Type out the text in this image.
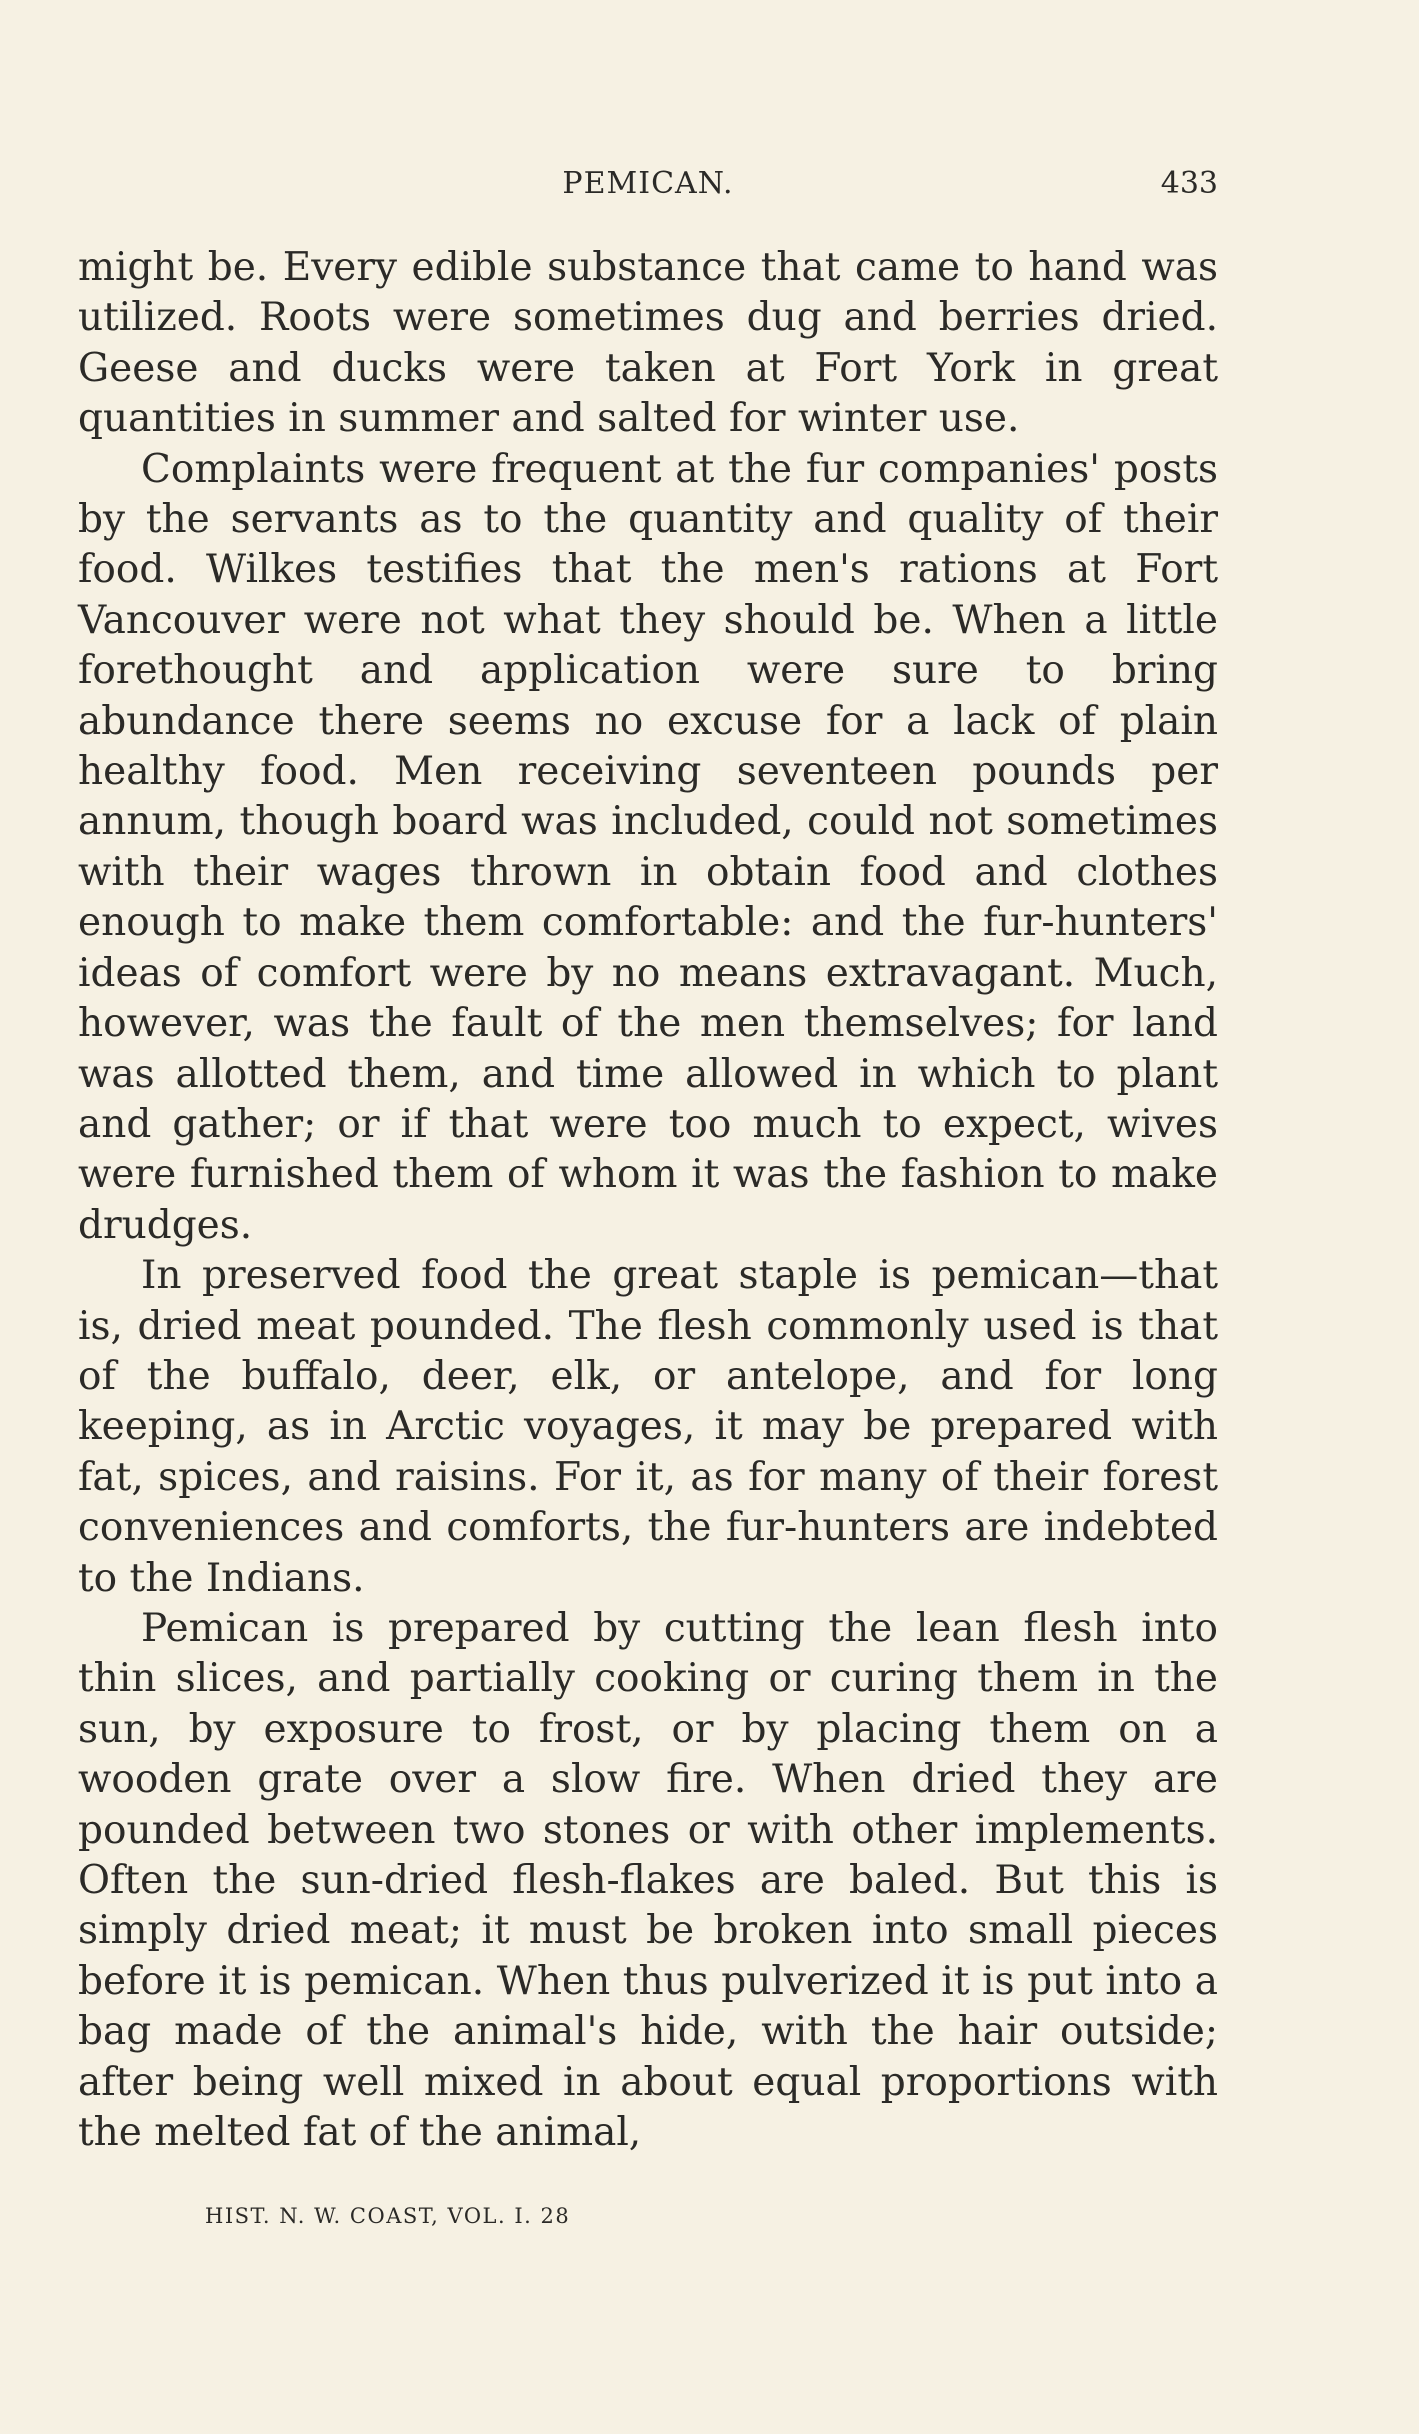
PEMICAN.	433

might be. Every edible substance that came to hand was utilized. Roots were sometimes dug and berries dried. Geese and ducks were taken at Fort York in great quantities in summer and salted for winter use.

Complaints were frequent at the fur companies' posts by the servants as to the quantity and quality of their food. Wilkes testifies that the men's rations at Fort Vancouver were not what they should be. When a little forethought and application were sure to bring abundance there seems no excuse for a lack of plain healthy food. Men receiving seventeen pounds per annum, though board was included, could not sometimes with their wages thrown in obtain food and clothes enough to make them comfortable: and the fur-hunters' ideas of comfort were by no means extravagant. Much, however, was the fault of the men themselves; for land was allotted them, and time allowed in which to plant and gather; or if that were too much to expect, wives were furnished them of whom it was the fashion to make drudges.

In preserved food the great staple is pemican—that is, dried meat pounded. The flesh commonly used is that of the buffalo, deer, elk, or antelope, and for long keeping, as in Arctic voyages, it may be prepared with fat, spices, and raisins. For it, as for many of their forest conveniences and comforts, the fur-hunters are indebted to the Indians.

Pemican is prepared by cutting the lean flesh into thin slices, and partially cooking or curing them in the sun, by exposure to frost, or by placing them on a wooden grate over a slow fire. When dried they are pounded between two stones or with other implements. Often the sun-dried flesh-flakes are baled. But this is simply dried meat; it must be broken into small pieces before it is pemican. When thus pulverized it is put into a bag made of the animal's hide, with the hair outside; after being well mixed in about equal proportions with the melted fat of the animal,

HIST. N. W. COAST, VOL. I. 28
